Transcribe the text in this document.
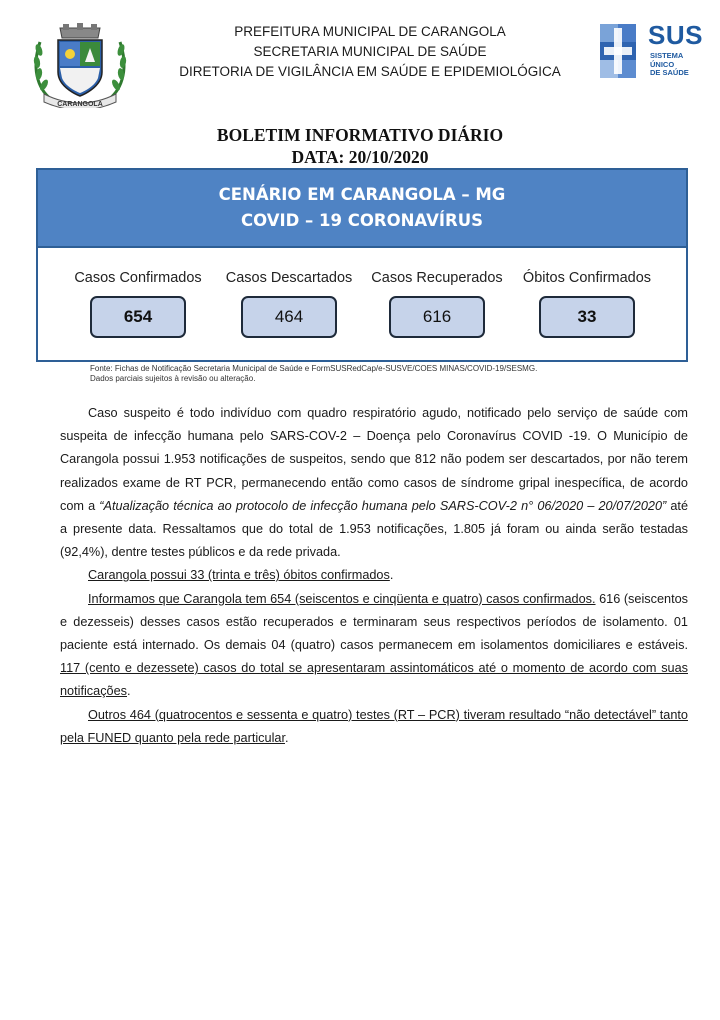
CARANGOLA
PREFEITURA MUNICIPAL DE CARANGOLA
SECRETARIA MUNICIPAL DE SAÚDE
DIRETORIA DE VIGILÂNCIA EM SAÚDE E EPIDEMIOLÓGICA
SUS
SISTEMA
ÚNICO
DE SAÚDE
BOLETIM INFORMATIVO DIÁRIO
DATA: 20/10/2020
CENÁRIO EM CARANGOLA – MG
COVID – 19 CORONAVÍRUS
Casos Confirmados
654
Casos Descartados
464
Casos Recuperados
616
Óbitos Confirmados
33
Fonte: Fichas de Notificação Secretaria Municipal de Saúde e FormSUSRedCap/e-SUSVE/COES MINAS/COVID-19/SESMG.
Dados parciais sujeitos à revisão ou alteração.

Caso suspeito é todo indivíduo com quadro respiratório agudo, notificado pelo serviço de saúde com suspeita de infecção humana pelo SARS-COV-2 – Doença pelo Coronavírus COVID -19. O Município de Carangola possui 1.953 notificações de suspeitos, sendo que 812 não podem ser descartados, por não terem realizados exame de RT PCR, permanecendo então como casos de síndrome gripal inespecífica, de acordo com a “Atualização técnica ao protocolo de infecção humana pelo SARS-COV-2 n° 06/2020 – 20/07/2020” até a presente data. Ressaltamos que do total de 1.953 notificações, 1.805 já foram ou ainda serão testadas (92,4%), dentre testes públicos e da rede privada.

Carangola possui 33 (trinta e três) óbitos confirmados.

Informamos que Carangola tem 654 (seiscentos e cinqüenta e quatro) casos confirmados. 616 (seiscentos e dezesseis) desses casos estão recuperados e terminaram seus respectivos períodos de isolamento. 01 paciente está internado. Os demais 04 (quatro) casos permanecem em isolamentos domiciliares e estáveis. 117 (cento e dezessete) casos do total se apresentaram assintomáticos até o momento de acordo com suas notificações.

Outros 464 (quatrocentos e sessenta e quatro) testes (RT – PCR) tiveram resultado “não detectável” tanto pela FUNED quanto pela rede particular.
